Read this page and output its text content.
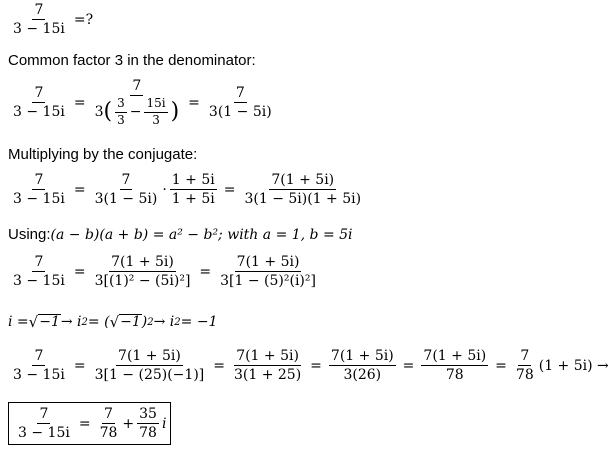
$\frac{7}{3 - 15i}$ =?
Common factor 3 in the denominator:
$\frac{7}{3 - 15i}$ =
7
3 ( $\frac{3}{3} - \frac{15i}{3}$ ) = $\frac{7}{3(1 - 5i)}$
Multiplying by the conjugate:
$\frac{7}{3 - 15i} = \frac{7}{3(1 - 5i)} \cdot \frac{1 + 5i}{1 + 5i} = \frac{7(1 + 5i)}{3(1 - 5i)(1 + 5i)}$
Using: (a − b)(a + b) = a² − b²; with a = 1, b = 5i
$\frac{7}{3 - 15i} = \frac{7(1 + 5i)}{\text{3[(1)² − (5i)²]}} = \frac{7(1 + 5i)}{\text{3[1 − (5)²(i)²]}}$
i = √ −1 → i 2 = ( √ −1 ) 2 → i 2 = −1
$\frac{7}{3 - 15i} = \frac{7(1 + 5i)}{3[1 - (25)(-1)]} = \frac{7(1 + 5i)}{3(1 + 25)} = \frac{7(1 + 5i)}{3(26)} = \frac{7(1 + 5i)}{78} = \frac{7}{78} (1 + 5i)$ →
$\frac{7}{3 - 15i} = \frac{7}{78} + \frac{35}{78}$ i
